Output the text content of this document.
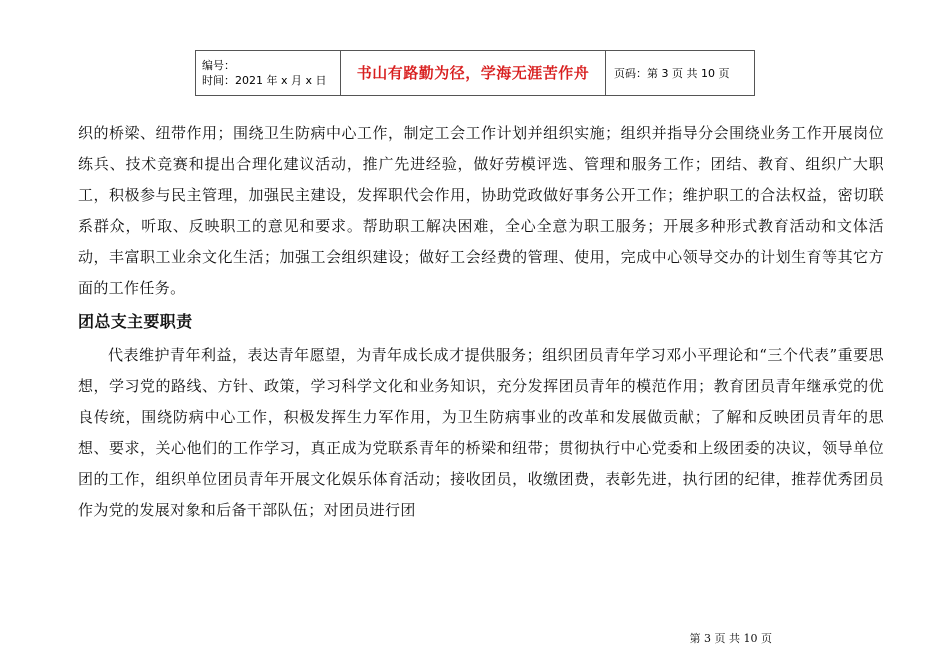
编号：
时间：2021 年 x 月 x 日	书山有路勤为径，学海无涯苦作舟	页码：第 3 页 共 10 页

织的桥梁、纽带作用；围绕卫生防病中心工作，制定工会工作计划并组织实施；组织并指导分会围绕业务工作开展岗位练兵、技术竞赛和提出合理化建议活动，推广先进经验，做好劳模评选、管理和服务工作；团结、教育、组织广大职工，积极参与民主管理，加强民主建设，发挥职代会作用，协助党政做好事务公开工作；维护职工的合法权益，密切联系群众，听取、反映职工的意见和要求。帮助职工解决困难，全心全意为职工服务；开展多种形式教育活动和文体活动，丰富职工业余文化生活；加强工会组织建设；做好工会经费的管理、使用，完成中心领导交办的计划生育等其它方面的工作任务。

团总支主要职责

代表维护青年利益，表达青年愿望，为青年成长成才提供服务；组织团员青年学习邓小平理论和“三个代表”重要思想，学习党的路线、方针、政策，学习科学文化和业务知识，充分发挥团员青年的模范作用；教育团员青年继承党的优良传统，围绕防病中心工作，积极发挥生力军作用，为卫生防病事业的改革和发展做贡献；了解和反映团员青年的思想、要求，关心他们的工作学习，真正成为党联系青年的桥梁和纽带；贯彻执行中心党委和上级团委的决议，领导单位团的工作，组织单位团员青年开展文化娱乐体育活动；接收团员，收缴团费，表彰先进，执行团的纪律，推荐优秀团员作为党的发展对象和后备干部队伍；对团员进行团

第 3 页 共 10 页
